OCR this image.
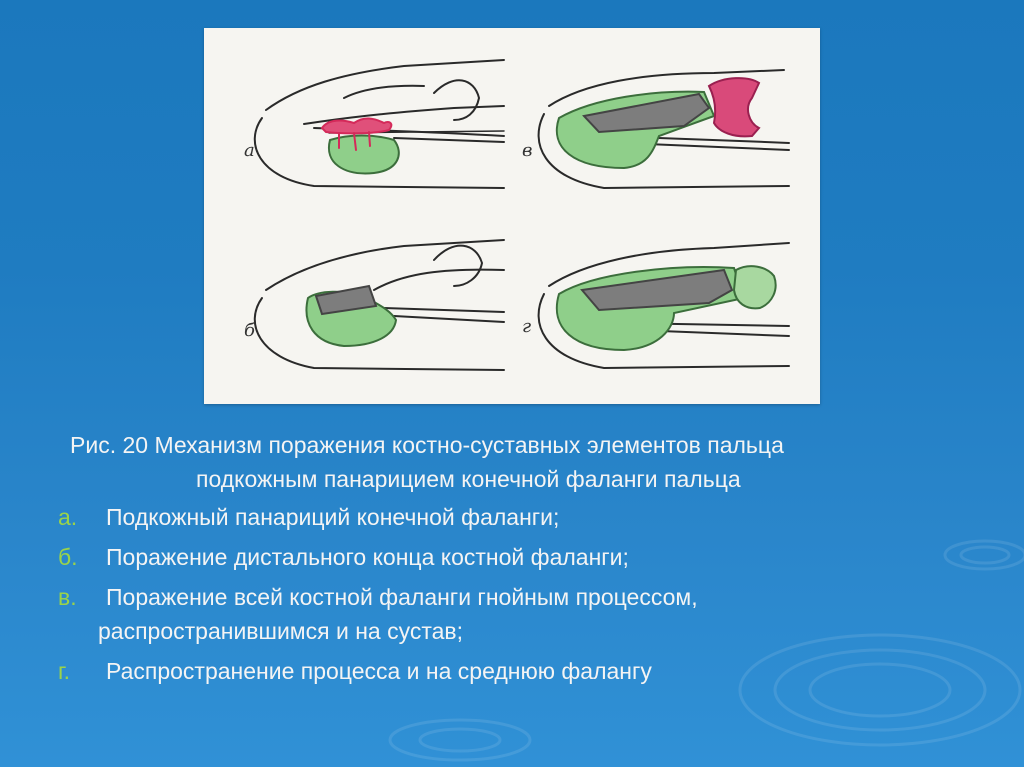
а	в
б	г
Рис. 20 Механизм поражения костно-суставных элементов пальца
подкожным панарицием конечной фаланги пальца
а. Подкожный панариций конечной фаланги;
б. Поражение дистального конца костной фаланги;
в. Поражение всей костной фаланги гнойным процессом,
распространившимся и на сустав;
г. Распространение процесса и на среднюю фалангу
